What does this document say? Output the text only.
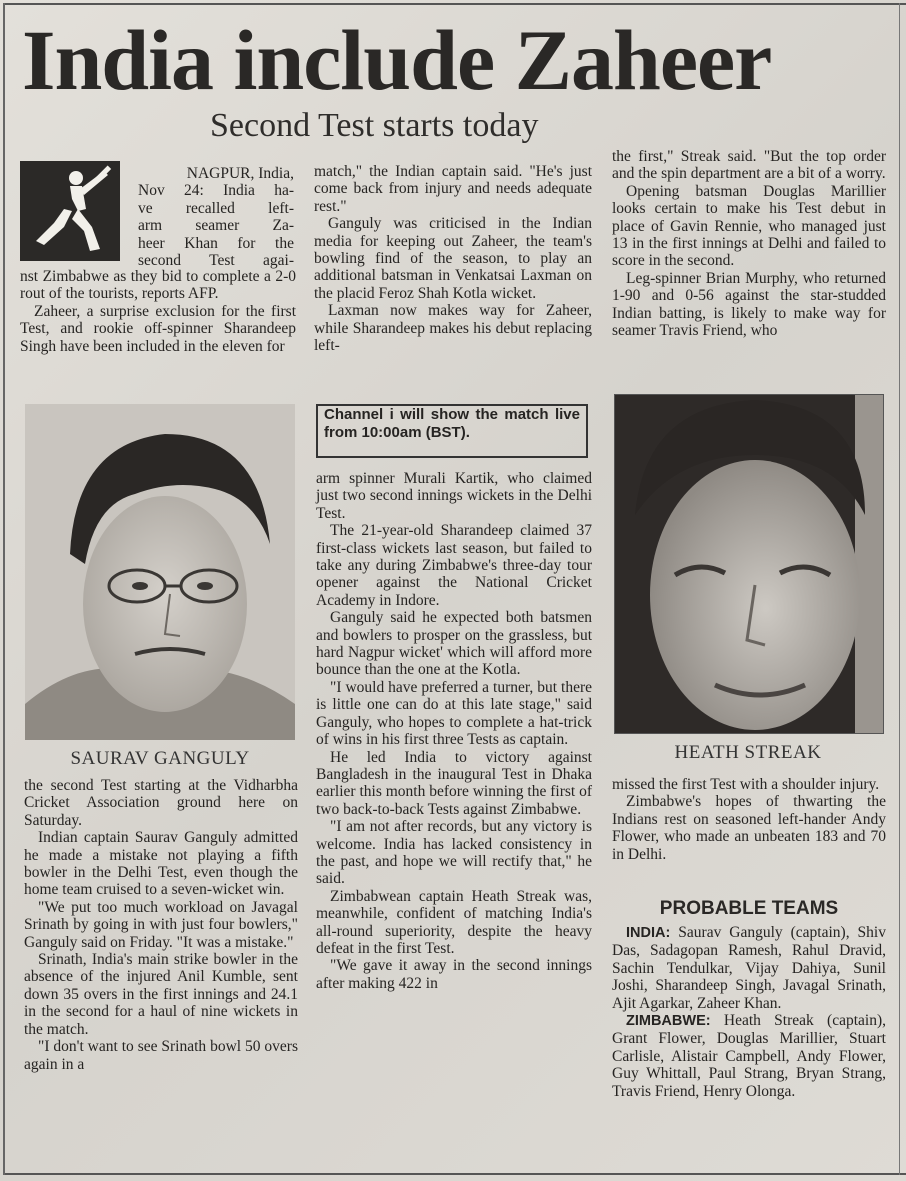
India include Zaheer
Second Test starts today
NAGPUR, India,
Nov 24: India ha-
ve recalled left-
arm seamer Za-
heer Khan for the
second Test agai-

nst Zimbabwe as they bid to complete a 2-0 rout of the tourists, reports AFP.

Zaheer, a surprise exclusion for the first Test, and rookie off-spinner Sharandeep Singh have been included in the eleven for

SAURAV GANGULY

the second Test starting at the Vidharbha Cricket Association ground here on Saturday.

Indian captain Saurav Ganguly admitted he made a mistake not playing a fifth bowler in the Delhi Test, even though the home team cruised to a seven-wicket win.

"We put too much workload on Javagal Srinath by going in with just four bowlers," Ganguly said on Friday. "It was a mistake."

Srinath, India's main strike bowler in the absence of the injured Anil Kumble, sent down 35 overs in the first innings and 24.1 in the second for a haul of nine wickets in the match.

"I don't want to see Srinath bowl 50 overs again in a

match," the Indian captain said. "He's just come back from injury and needs adequate rest."

Ganguly was criticised in the Indian media for keeping out Zaheer, the team's bowling find of the season, to play an additional batsman in Venkatsai Laxman on the placid Feroz Shah Kotla wicket.

Laxman now makes way for Zaheer, while Sharandeep makes his debut replacing left-

Channel i will show the match live from 10:00am (BST).

arm spinner Murali Kartik, who claimed just two second innings wickets in the Delhi Test.

The 21-year-old Sharandeep claimed 37 first-class wickets last season, but failed to take any during Zimbabwe's three-day tour opener against the National Cricket Academy in Indore.

Ganguly said he expected both batsmen and bowlers to prosper on the grassless, but hard Nagpur wicket' which will afford more bounce than the one at the Kotla.

"I would have preferred a turner, but there is little one can do at this late stage," said Ganguly, who hopes to complete a hat-trick of wins in his first three Tests as captain.

He led India to victory against Bangladesh in the inaugural Test in Dhaka earlier this month before winning the first of two back-to-back Tests against Zimbabwe.

"I am not after records, but any victory is welcome. India has lacked consistency in the past, and hope we will rectify that," he said.

Zimbabwean captain Heath Streak was, meanwhile, confident of matching India's all-round superiority, despite the heavy defeat in the first Test.

"We gave it away in the second innings after making 422 in

the first," Streak said. "But the top order and the spin department are a bit of a worry.

Opening batsman Douglas Marillier looks certain to make his Test debut in place of Gavin Rennie, who managed just 13 in the first innings at Delhi and failed to score in the second.

Leg-spinner Brian Murphy, who returned 1-90 and 0-56 against the star-studded Indian batting, is likely to make way for seamer Travis Friend, who

HEATH STREAK

missed the first Test with a shoulder injury.

Zimbabwe's hopes of thwarting the Indians rest on seasoned left-hander Andy Flower, who made an unbeaten 183 and 70 in Delhi.

PROBABLE TEAMS

INDIA: Saurav Ganguly (captain), Shiv Das, Sadagopan Ramesh, Rahul Dravid, Sachin Tendulkar, Vijay Dahiya, Sunil Joshi, Sharandeep Singh, Javagal Srinath, Ajit Agarkar, Zaheer Khan.

ZIMBABWE: Heath Streak (captain), Grant Flower, Douglas Marillier, Stuart Carlisle, Alistair Campbell, Andy Flower, Guy Whittall, Paul Strang, Bryan Strang, Travis Friend, Henry Olonga.
